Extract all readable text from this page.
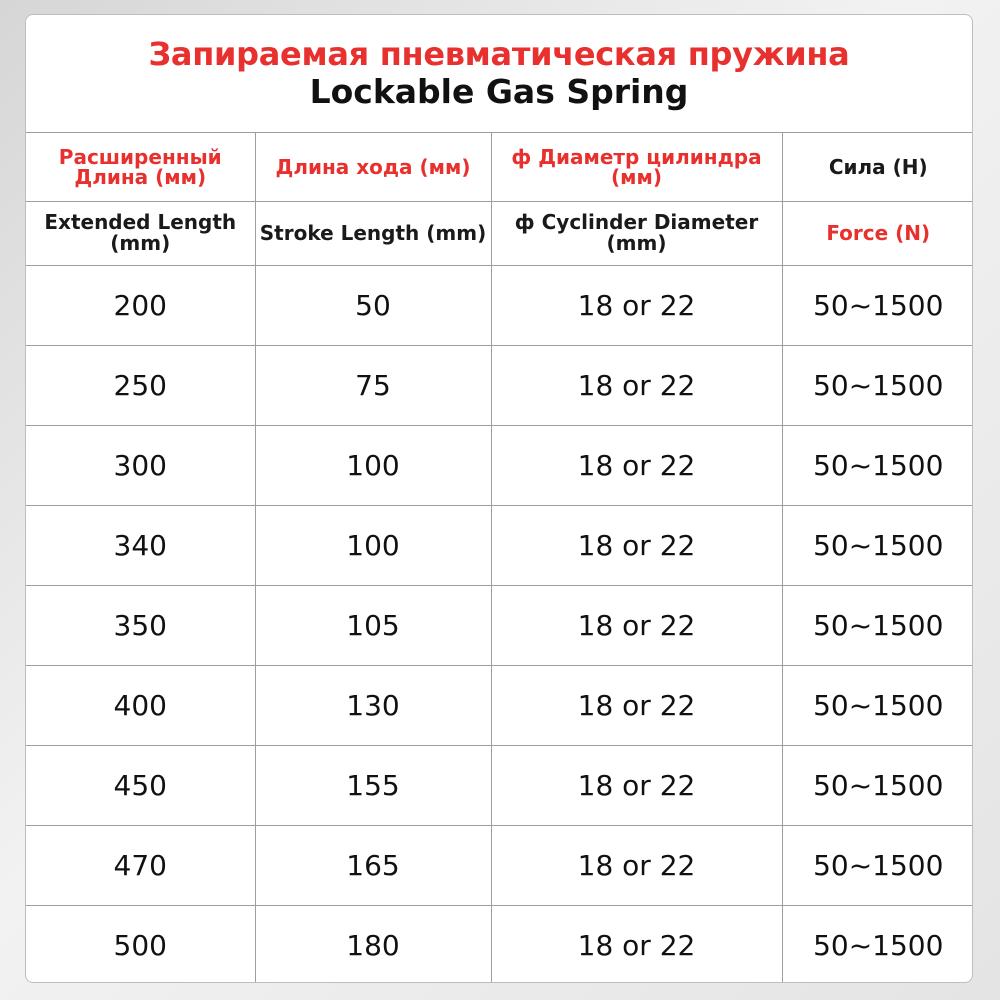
Запираемая пневматическая пружина
Lockable Gas Spring
Расширенный Длина (мм)	Длина хода (мм)	ф Диаметр цилиндра (мм)	Сила (Н)
Extended Length (mm)	Stroke Length (mm)	ф Cyclinder Diameter (mm)	Force (N)
200	50	18 or 22	50~1500
250	75	18 or 22	50~1500
300	100	18 or 22	50~1500
340	100	18 or 22	50~1500
350	105	18 or 22	50~1500
400	130	18 or 22	50~1500
450	155	18 or 22	50~1500
470	165	18 or 22	50~1500
500	180	18 or 22	50~1500
